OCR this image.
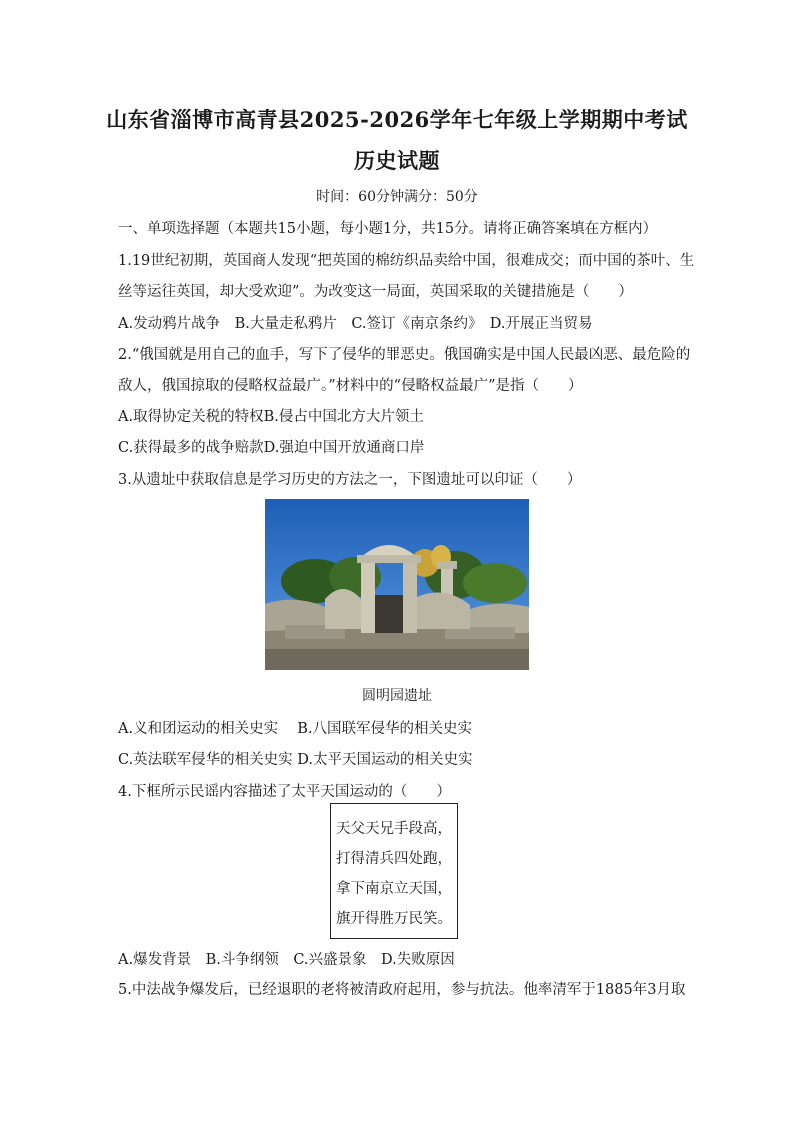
山东省淄博市高青县2025-2026学年七年级上学期期中考试
历史试题
时间：60分钟满分：50分
一、单项选择题（本题共15小题，每小题1分，共15分。请将正确答案填在方框内）
1.19世纪初期，英国商人发现“把英国的棉纺织品卖给中国，很难成交；而中国的茶叶、生
丝等运往英国，却大受欢迎”。为改变这一局面，英国采取的关键措施是（　　）
A.发动鸦片战争　B.大量走私鸦片　C.签订《南京条约》　D.开展正当贸易
2.“俄国就是用自己的血手，写下了侵华的罪恶史。俄国确实是中国人民最凶恶、最危险的
敌人，俄国掠取的侵略权益最广。”材料中的“侵略权益最广”是指（　　）
A.取得协定关税的特权B.侵占中国北方大片领土
C.获得最多的战争赔款D.强迫中国开放通商口岸
3.从遗址中获取信息是学习历史的方法之一，下图遗址可以印证（　　）
圆明园遗址
A.义和团运动的相关史实　 B.八国联军侵华的相关史实
C.英法联军侵华的相关史实 D.太平天国运动的相关史实
4.下框所示民谣内容描述了太平天国运动的（　　）
天父天兄手段高，
打得清兵四处跑，
拿下南京立天国，
旗开得胜万民笑。
A.爆发背景　B.斗争纲领　C.兴盛景象　D.失败原因
5.中法战争爆发后，已经退职的老将被清政府起用，参与抗法。他率清军于1885年3月取
